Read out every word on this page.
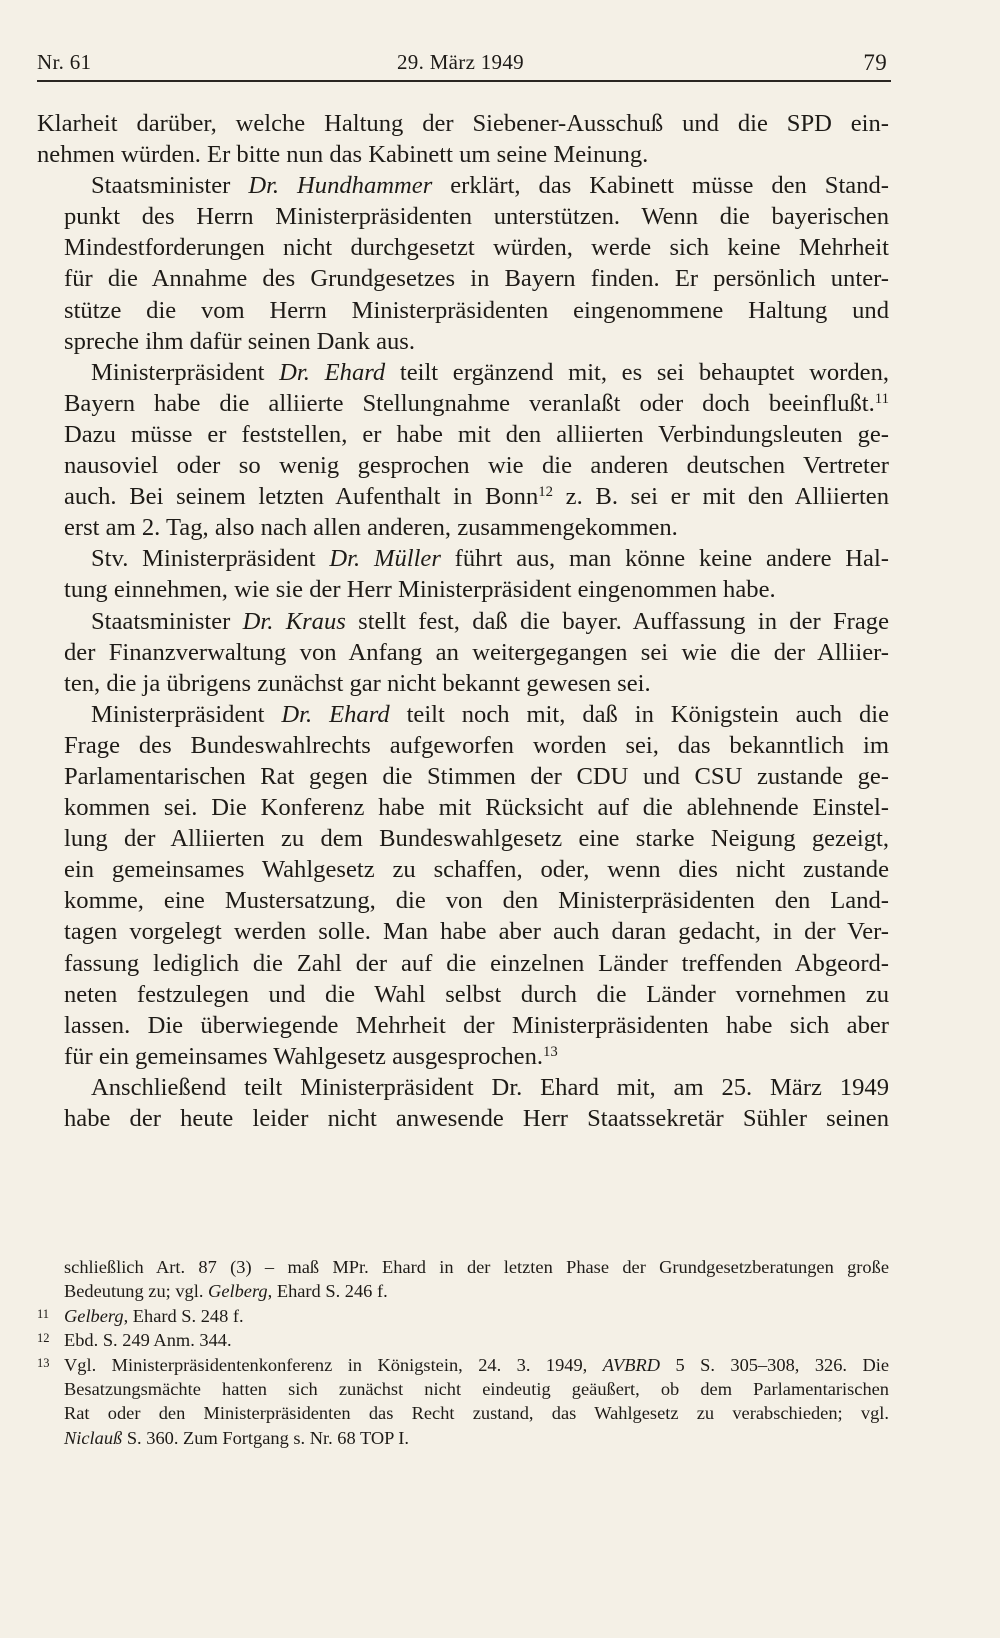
Nr. 61	29. März 1949	79

Klarheit darüber, welche Haltung der Siebener-Ausschuß und die SPD ein-
nehmen würden. Er bitte nun das Kabinett um seine Meinung.

Staatsminister Dr. Hundhammer erklärt, das Kabinett müsse den Stand-
punkt des Herrn Ministerpräsidenten unterstützen. Wenn die bayerischen
Mindestforderungen nicht durchgesetzt würden, werde sich keine Mehrheit
für die Annahme des Grundgesetzes in Bayern finden. Er persönlich unter-
stütze die vom Herrn Ministerpräsidenten eingenommene Haltung und
spreche ihm dafür seinen Dank aus.

Ministerpräsident Dr. Ehard teilt ergänzend mit, es sei behauptet worden,
Bayern habe die alliierte Stellungnahme veranlaßt oder doch beeinflußt.$^{11}$
Dazu müsse er feststellen, er habe mit den alliierten Verbindungsleuten ge-
nausoviel oder so wenig gesprochen wie die anderen deutschen Vertreter
auch. Bei seinem letzten Aufenthalt in Bonn$^{12}$ z. B. sei er mit den Alliierten
erst am 2. Tag, also nach allen anderen, zusammengekommen.

Stv. Ministerpräsident Dr. Müller führt aus, man könne keine andere Hal-
tung einnehmen, wie sie der Herr Ministerpräsident eingenommen habe.

Staatsminister Dr. Kraus stellt fest, daß die bayer. Auffassung in der Frage
der Finanzverwaltung von Anfang an weitergegangen sei wie die der Alliier-
ten, die ja übrigens zunächst gar nicht bekannt gewesen sei.

Ministerpräsident Dr. Ehard teilt noch mit, daß in Königstein auch die
Frage des Bundeswahlrechts aufgeworfen worden sei, das bekanntlich im
Parlamentarischen Rat gegen die Stimmen der CDU und CSU zustande ge-
kommen sei. Die Konferenz habe mit Rücksicht auf die ablehnende Einstel-
lung der Alliierten zu dem Bundeswahlgesetz eine starke Neigung gezeigt,
ein gemeinsames Wahlgesetz zu schaffen, oder, wenn dies nicht zustande
komme, eine Mustersatzung, die von den Ministerpräsidenten den Land-
tagen vorgelegt werden solle. Man habe aber auch daran gedacht, in der Ver-
fassung lediglich die Zahl der auf die einzelnen Länder treffenden Abgeord-
neten festzulegen und die Wahl selbst durch die Länder vornehmen zu
lassen. Die überwiegende Mehrheit der Ministerpräsidenten habe sich aber
für ein gemeinsames Wahlgesetz ausgesprochen.$^{13}$

Anschließend teilt Ministerpräsident Dr. Ehard mit, am 25. März 1949
habe der heute leider nicht anwesende Herr Staatssekretär Sühler seinen

schließlich Art. 87 (3) – maß MPr. Ehard in der letzten Phase der Grundgesetzberatungen große
Bedeutung zu; vgl. Gelberg, Ehard S. 246 f.

11 Gelberg, Ehard S. 248 f.

12 Ebd. S. 249 Anm. 344.

13 Vgl. Ministerpräsidentenkonferenz in Königstein, 24. 3. 1949, AVBRD 5 S. 305–308, 326. Die
Besatzungsmächte hatten sich zunächst nicht eindeutig geäußert, ob dem Parlamentarischen
Rat oder den Ministerpräsidenten das Recht zustand, das Wahlgesetz zu verabschieden; vgl.
Niclauß S. 360. Zum Fortgang s. Nr. 68 TOP I.
